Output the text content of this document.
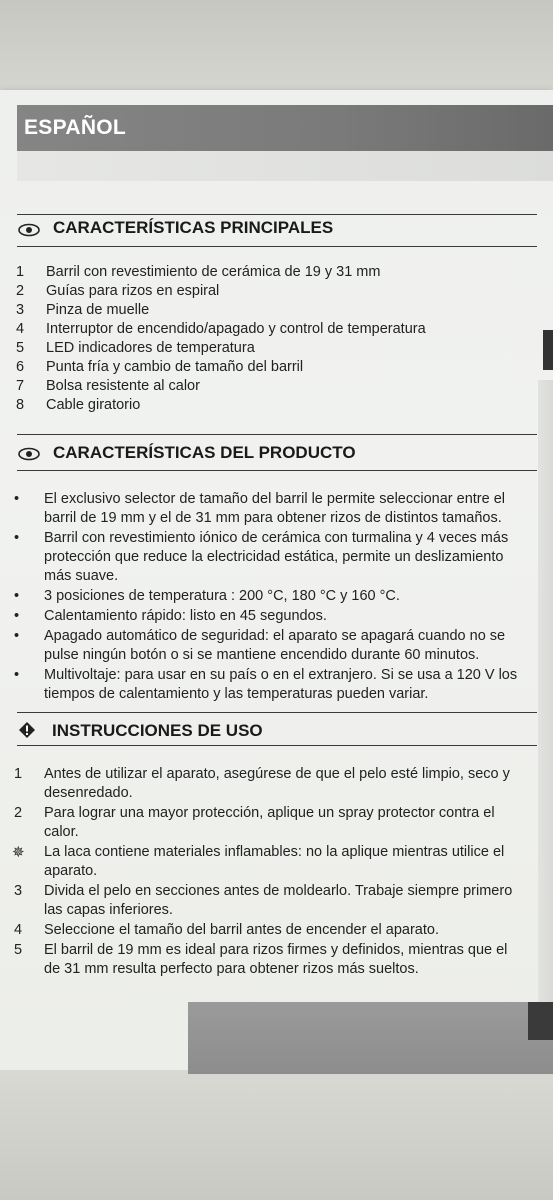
ESPAÑOL
CARACTERÍSTICAS PRINCIPALES
1	Barril con revestimiento de cerámica de 19 y 31 mm
2	Guías para rizos en espiral
3	Pinza de muelle
4	Interruptor de encendido/apagado y control de temperatura
5	LED indicadores de temperatura
6	Punta fría y cambio de tamaño del barril
7	Bolsa resistente al calor
8	Cable giratorio
CARACTERÍSTICAS DEL PRODUCTO
•	El exclusivo selector de tamaño del barril le permite seleccionar entre el barril de 19 mm y el de 31 mm para obtener rizos de distintos tamaños.
•	Barril con revestimiento iónico de cerámica con turmalina y 4 veces más protección que reduce la electricidad estática, permite un deslizamiento más suave.
•	3 posiciones de temperatura : 200 °C, 180 °C y 160 °C.
•	Calentamiento rápido: listo en 45 segundos.
•	Apagado automático de seguridad: el aparato se apagará cuando no se pulse ningún botón o si se mantiene encendido durante 60 minutos.
•	Multivoltaje: para usar en su país o en el extranjero. Si se usa a 120 V los tiempos de calentamiento y las temperaturas pueden variar.
INSTRUCCIONES DE USO
1	Antes de utilizar el aparato, asegúrese de que el pelo esté limpio, seco y desenredado.
2	Para lograr una mayor protección, aplique un spray protector contra el calor.
✵ La laca contiene materiales inflamables: no la aplique mientras utilice el aparato.
3	Divida el pelo en secciones antes de moldearlo. Trabaje siempre primero las capas inferiores.
4	Seleccione el tamaño del barril antes de encender el aparato.
5	El barril de 19 mm es ideal para rizos firmes y definidos, mientras que el de 31 mm resulta perfecto para obtener rizos más sueltos.
